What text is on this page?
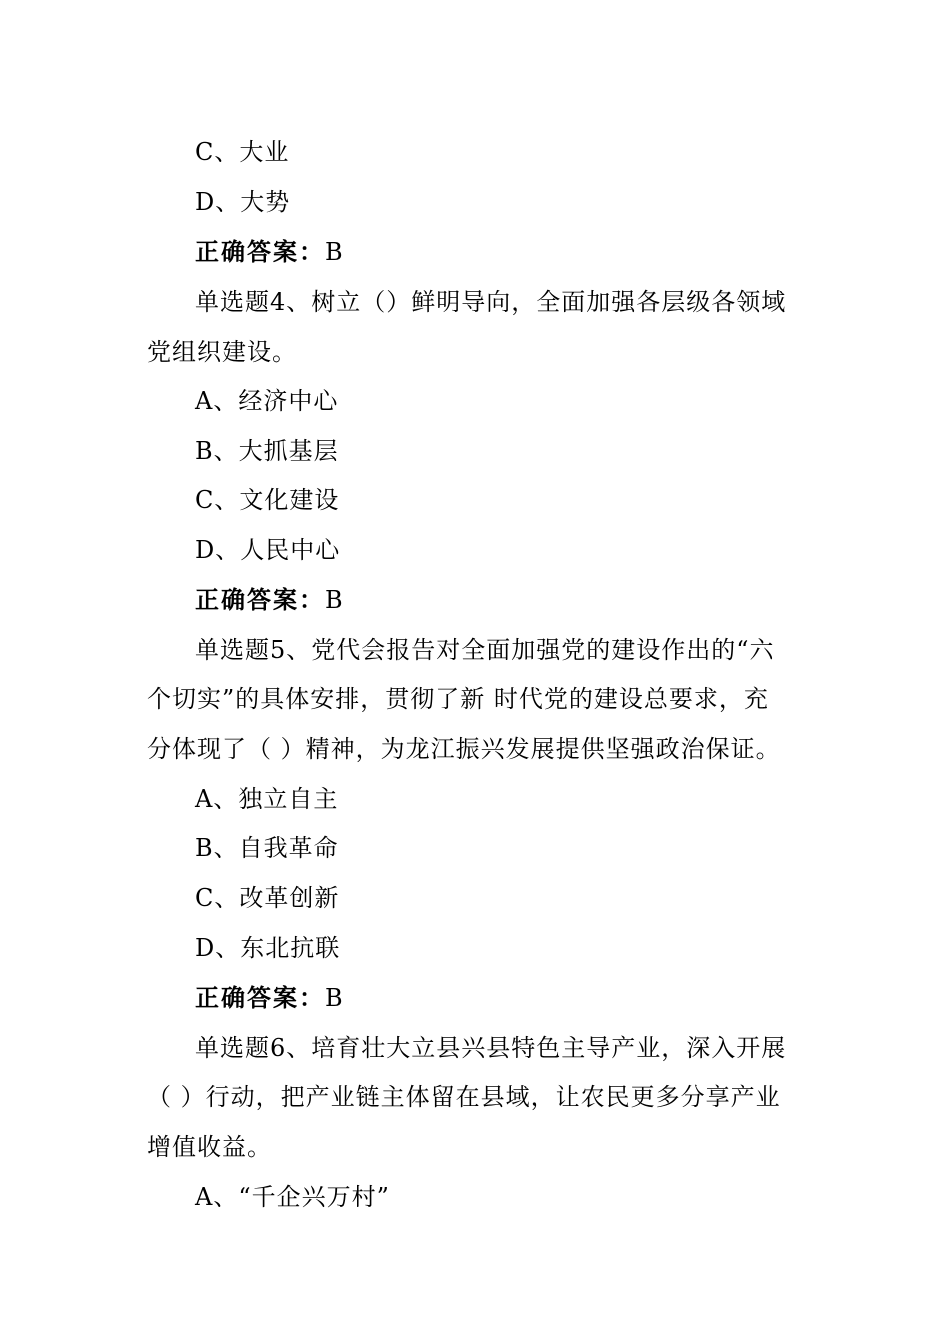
C、大业
D、大势
正确答案：B
单选题4、树立（）鲜明导向，全面加强各层级各领域
党组织建设。
A、经济中心
B、大抓基层
C、文化建设
D、人民中心
正确答案：B
单选题5、党代会报告对全面加强党的建设作出的“六
个切实”的具体安排，贯彻了新 时代党的建设总要求，充
分体现了（ ）精神，为龙江振兴发展提供坚强政治保证。
A、独立自主
B、自我革命
C、改革创新
D、东北抗联
正确答案：B
单选题6、培育壮大立县兴县特色主导产业，深入开展
（ ）行动，把产业链主体留在县域，让农民更多分享产业
增值收益。
A、“千企兴万村”
